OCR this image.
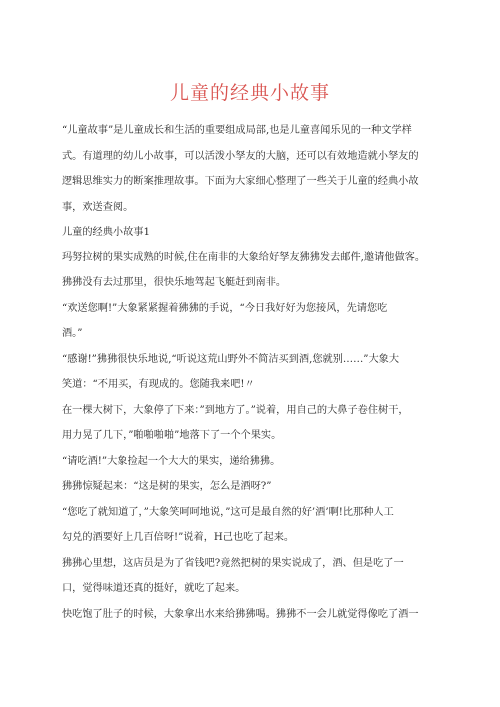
儿童的经典小故事
“儿童故事”是儿童成长和生活的重要组成局部,也是儿童喜闻乐见的一种文学样
式。有道理的幼儿小故事，可以活泼小孥友的大脑，还可以有效地造就小孥友的
逻辑思维实力的断案推理故事。下面为大家细心整理了一些关于儿童的经典小故
事，欢送查阅。
儿童的经典小故事1
玛努拉树的果实成熟的时候,住在南非的大象给好孥友狒狒发去邮件,邀请他做客。
狒狒没有去过那里，很快乐地驾起飞艇赶到南非。
“欢送您啊!”大象紧紧握着狒狒的手说，“今日我好好为您接风，先请您吃
酒。”
“感谢!”狒狒很快乐地说,“听说这荒山野外不简洁买到酒,您就别……”大象大
笑道：“不用买，有现成的。您随我来吧!〃
在一棵大树下，大象停了下来：”到地方了。”说着，用自己的大鼻子卷住树干，
用力晃了几下，”啪啪啪啪”地落下了一个个果实。
“请吃酒!”大象捡起一个大大的果实，递给狒狒。
狒狒惊疑起来：“这是树的果实，怎么是酒呀?”
“您吃了就知道了，”大象笑呵呵地说，”这可是最自然的好’酒’啊!比那种人工
勾兑的酒要好上几百倍呀!”说着，H己也吃了起来。
狒狒心里想，这店员是为了省钱吧?竟然把树的果实说成了，酒、但是吃了一
口，觉得味道还真的挺好，就吃了起来。
快吃饱了肚子的时候，大象拿出水来给狒狒喝。狒狒不一会儿就觉得像吃了酒一
